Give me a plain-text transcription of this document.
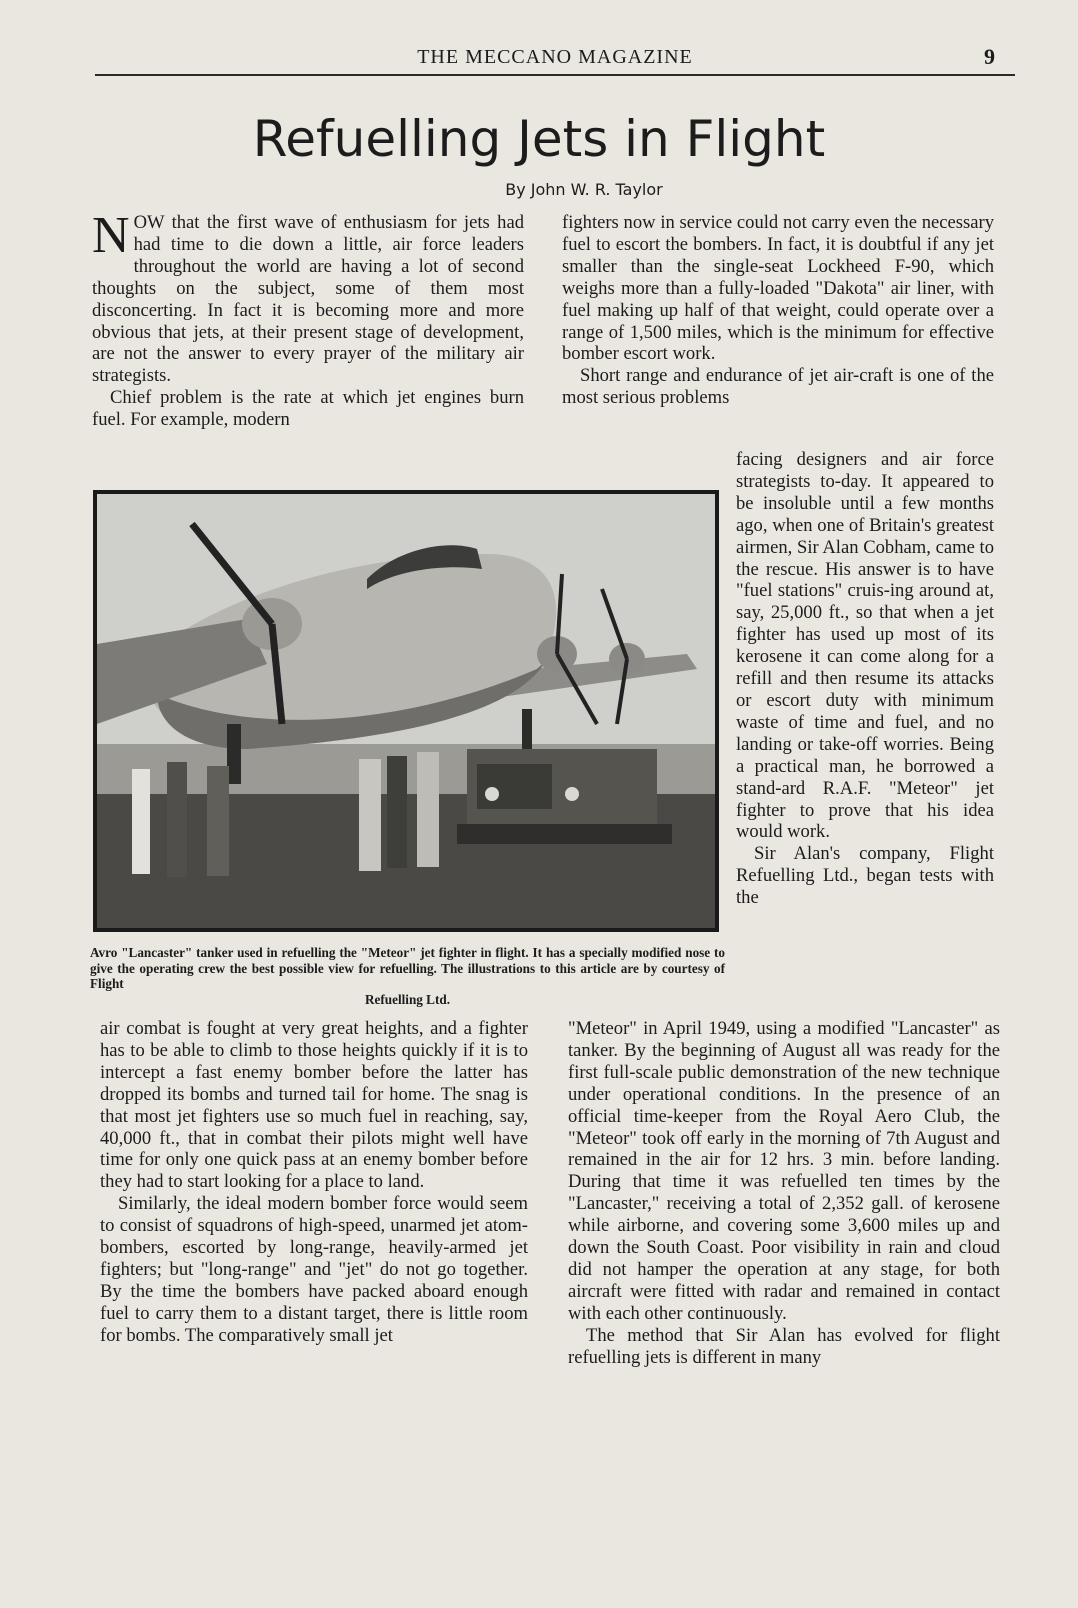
THE MECCANO MAGAZINE	9
Refuelling Jets in Flight
By John W. R. Taylor

NOW that the first wave of enthusiasm for jets had had time to die down a little, air force leaders throughout the world are having a lot of second thoughts on the subject, some of them most disconcerting. In fact it is becoming more and more obvious that jets, at their present stage of development, are not the answer to every prayer of the military air strategists.

Chief problem is the rate at which jet engines burn fuel. For example, modern

fighters now in service could not carry even the necessary fuel to escort the bombers. In fact, it is doubtful if any jet smaller than the single-seat Lockheed F-90, which weighs more than a fully-loaded "Dakota" air liner, with fuel making up half of that weight, could operate over a range of 1,500 miles, which is the minimum for effective bomber escort work.

Short range and endurance of jet air-craft is one of the most serious problems

facing designers and air force strategists to-day. It appeared to be insoluble until a few months ago, when one of Britain's greatest airmen, Sir Alan Cobham, came to the rescue. His answer is to have "fuel stations" cruis-ing around at, say, 25,000 ft., so that when a jet fighter has used up most of its kerosene it can come along for a refill and then resume its attacks or escort duty with minimum waste of time and fuel, and no landing or take-off worries. Being a practical man, he borrowed a stand-ard R.A.F. "Meteor" jet fighter to prove that his idea would work.

Sir Alan's company, Flight Refuelling Ltd., began tests with the

Avro "Lancaster" tanker used in refuelling the "Meteor" jet fighter in flight. It has a specially modified nose to give the operating crew the best possible view for refuelling. The illustrations to this article are by courtesy of Flight
Refuelling Ltd.

air combat is fought at very great heights, and a fighter has to be able to climb to those heights quickly if it is to intercept a fast enemy bomber before the latter has dropped its bombs and turned tail for home. The snag is that most jet fighters use so much fuel in reaching, say, 40,000 ft., that in combat their pilots might well have time for only one quick pass at an enemy bomber before they had to start looking for a place to land.

Similarly, the ideal modern bomber force would seem to consist of squadrons of high-speed, unarmed jet atom-bombers, escorted by long-range, heavily-armed jet fighters; but "long-range" and "jet" do not go together. By the time the bombers have packed aboard enough fuel to carry them to a distant target, there is little room for bombs. The comparatively small jet

"Meteor" in April 1949, using a modified "Lancaster" as tanker. By the beginning of August all was ready for the first full-scale public demonstration of the new technique under operational conditions. In the presence of an official time-keeper from the Royal Aero Club, the "Meteor" took off early in the morning of 7th August and remained in the air for 12 hrs. 3 min. before landing. During that time it was refuelled ten times by the "Lancaster," receiving a total of 2,352 gall. of kerosene while airborne, and covering some 3,600 miles up and down the South Coast. Poor visibility in rain and cloud did not hamper the operation at any stage, for both aircraft were fitted with radar and remained in contact with each other continuously.

The method that Sir Alan has evolved for flight refuelling jets is different in many
